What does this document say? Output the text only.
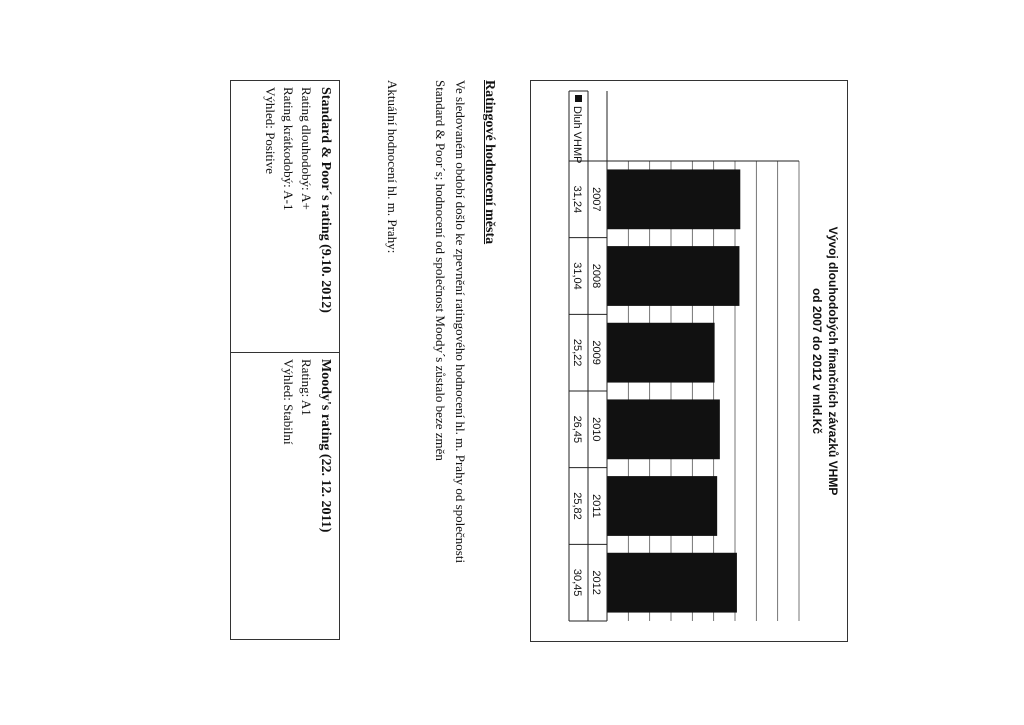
Vývoj dlouhodobých finančních závazků VHMP
od 2007 do 2012 v mld.Kč
2007
31,24
2008
31,04
2009
25,22
2010
26,45
2011
25,82
2012
30,45
Dluh VHMP
Ratingové hodnocení města
Ve sledovaném období došlo ke zpevnění ratingového hodnocení hl. m. Prahy od společnosti
Standard & Poor´s; hodnocení od společnost Moody´s zůstalo beze změn
Aktuální hodnocení hl. m. Prahy:
Standard & Poor´s rating (9.10. 2012)
Rating dlouhodobý: A+
Rating krátkodobý: A-1
Výhled: Positive
Moody's rating (22. 12. 2011)
Rating: A1
Výhled: Stabilní
